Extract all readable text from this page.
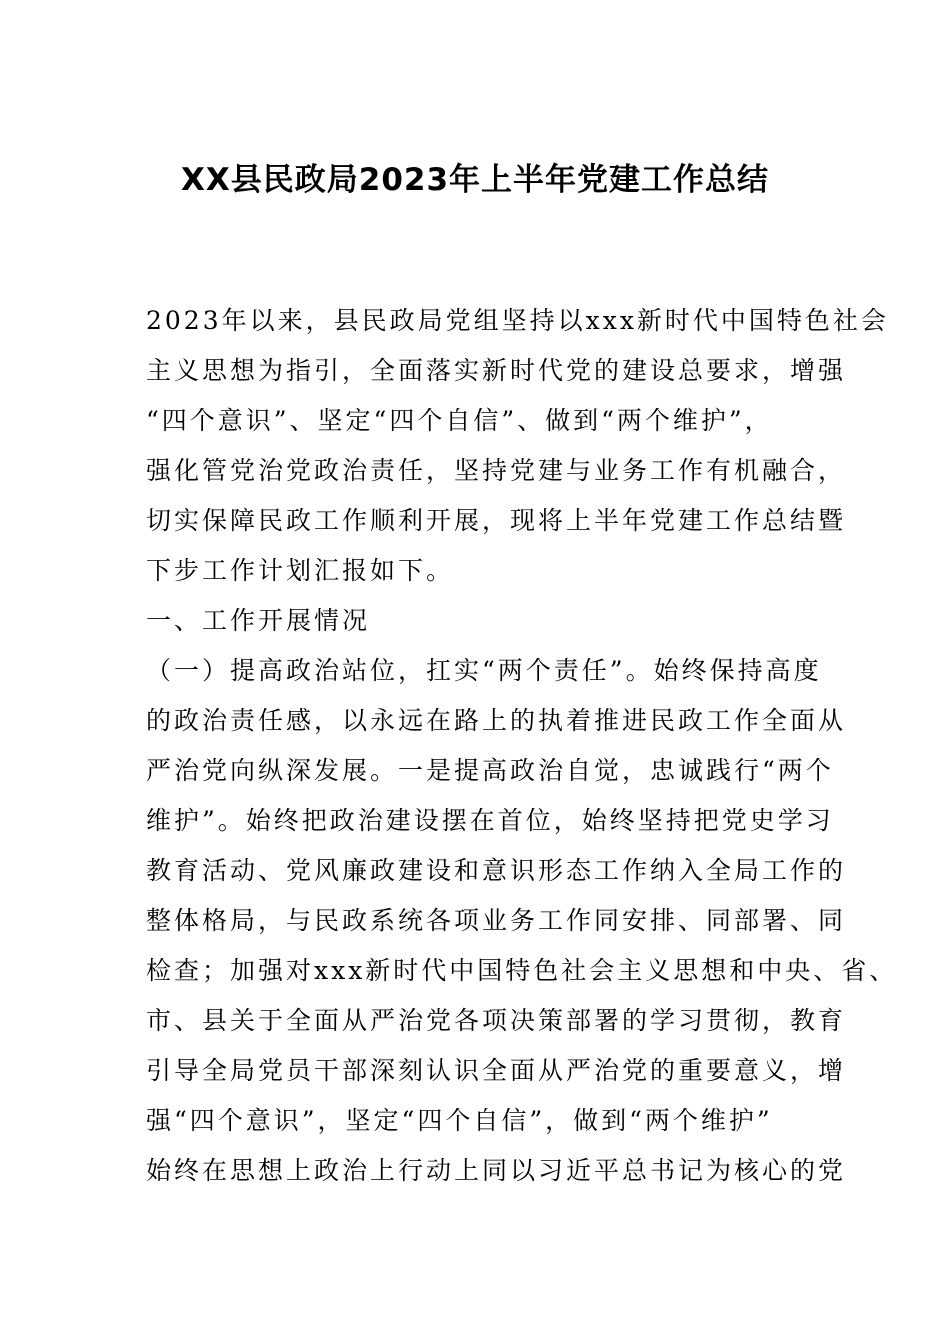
XX县民政局2023年上半年党建工作总结
2023年以来，县民政局党组坚持以xxx新时代中国特色社会
主义思想为指引，全面落实新时代党的建设总要求，增强
“四个意识”、坚定“四个自信”、做到“两个维护”，
强化管党治党政治责任，坚持党建与业务工作有机融合，
切实保障民政工作顺利开展，现将上半年党建工作总结暨
下步工作计划汇报如下。
一、工作开展情况
（一）提高政治站位，扛实“两个责任”。始终保持高度
的政治责任感，以永远在路上的执着推进民政工作全面从
严治党向纵深发展。一是提高政治自觉，忠诚践行“两个
维护”。始终把政治建设摆在首位，始终坚持把党史学习
教育活动、党风廉政建设和意识形态工作纳入全局工作的
整体格局，与民政系统各项业务工作同安排、同部署、同
检查；加强对xxx新时代中国特色社会主义思想和中央、省、
市、县关于全面从严治党各项决策部署的学习贯彻，教育
引导全局党员干部深刻认识全面从严治党的重要意义，增
强“四个意识”，坚定“四个自信”，做到“两个维护”
始终在思想上政治上行动上同以习近平总书记为核心的党
